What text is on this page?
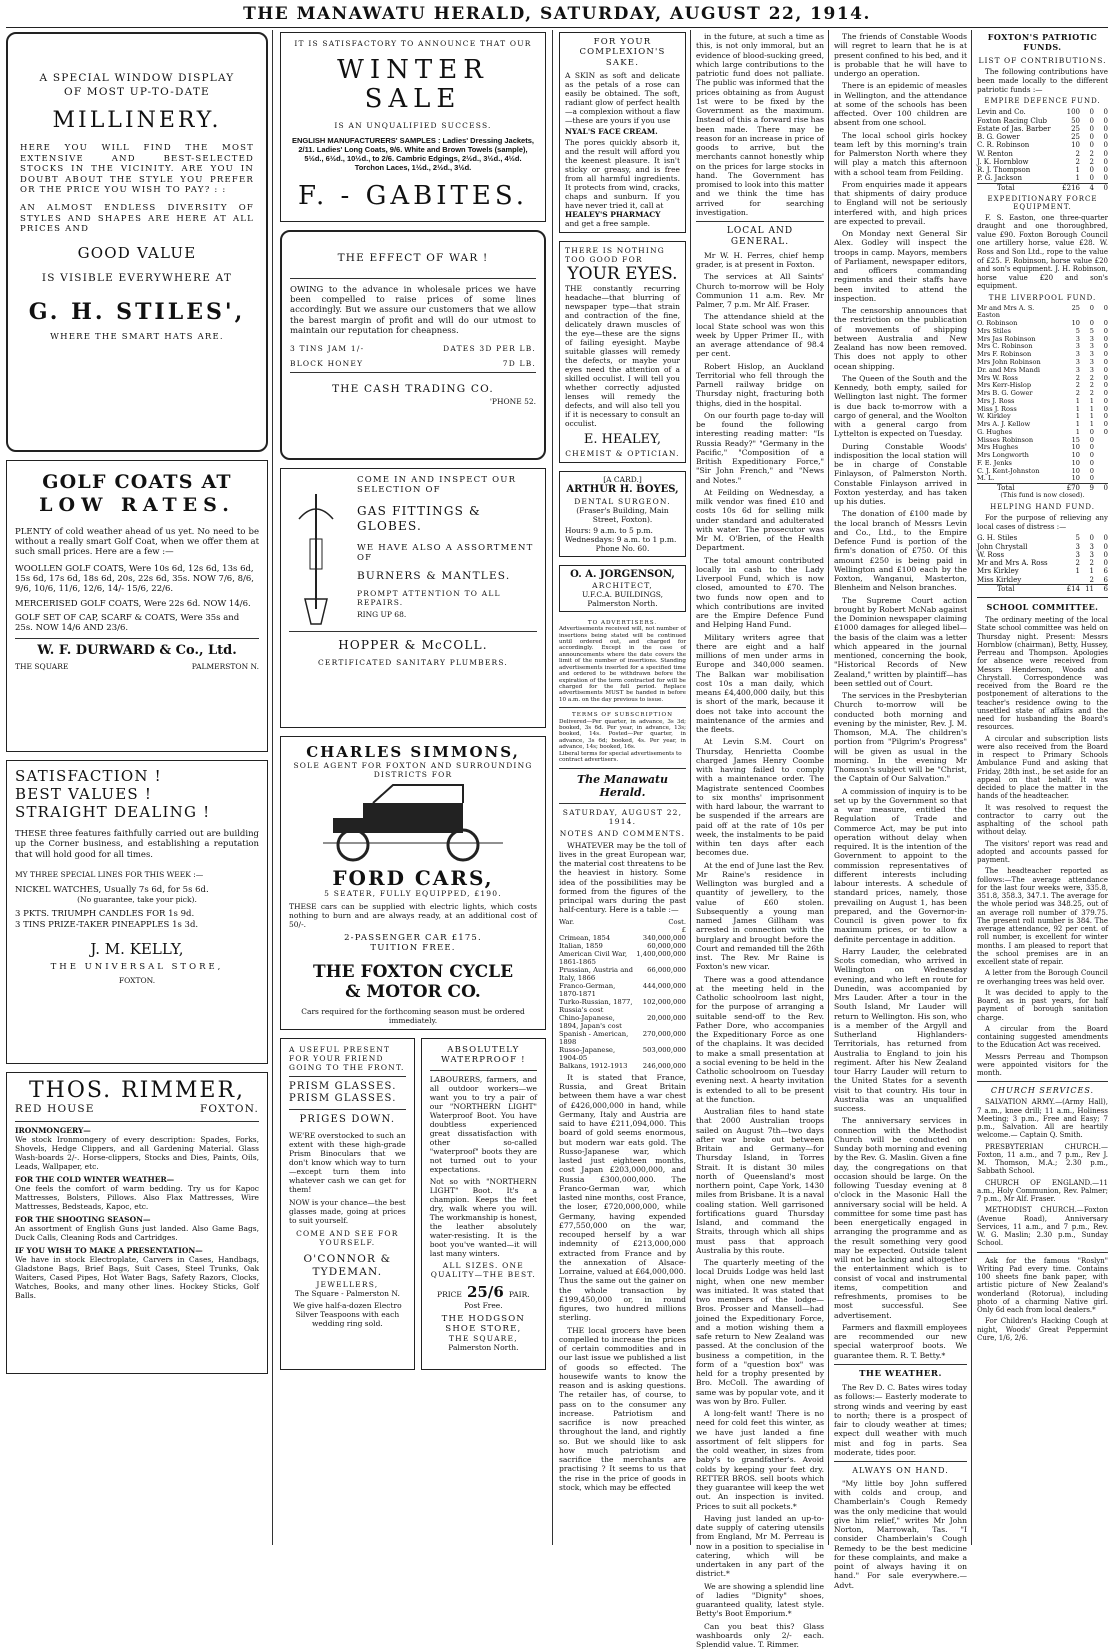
THE MANAWATU HERALD, SATURDAY, AUGUST 22, 1914.
A SPECIAL WINDOW DISPLAY
OF MOST UP-TO-DATE
MILLINERY.
HERE YOU WILL FIND THE MOST EXTENSIVE AND BEST-SELECTED STOCKS IN THE VICINITY. ARE YOU IN DOUBT ABOUT THE STYLE YOU PREFER OR THE PRICE YOU WISH TO PAY? : :
AN ALMOST ENDLESS DIVERSITY OF STYLES AND SHAPES ARE HERE AT ALL PRICES AND
GOOD VALUE
IS VISIBLE EVERYWHERE AT
G. H. STILES',
WHERE THE SMART HATS ARE.
GOLF COATS AT
LOW RATES.
PLENTY of cold weather ahead of us yet. No need to be without a really smart Golf Coat, when we offer them at such small prices. Here are a few :—
WOOLLEN GOLF COATS, Were 10s 6d, 12s 6d, 13s 6d, 15s 6d, 17s 6d, 18s 6d, 20s, 22s 6d, 35s. NOW 7/6, 8/6, 9/6, 10/6, 11/6, 12/6, 14/- 15/6, 22/6.
MERCERISED GOLF COATS, Were 22s 6d. NOW 14/6.
GOLF SET OF CAP, SCARF & COATS, Were 35s and 25s. NOW 14/6 AND 23/6.
W. F. DURWARD & Co., Ltd.
THE SQUARE	PALMERSTON N.
SATISFACTION !
BEST VALUES !
STRAIGHT DEALING !
THESE three features faithfully carried out are building up the Corner business, and establishing a reputation that will hold good for all times.
MY THREE SPECIAL LINES FOR THIS WEEK :—
NICKEL WATCHES, Usually 7s 6d, for 5s 6d.
(No guarantee, take your pick).
3 PKTS. TRIUMPH CANDLES FOR 1s 9d.
3 TINS PRIZE-TAKER PINEAPPLES 1s 3d.
J. M. KELLY,
THE UNIVERSAL STORE,
FOXTON.
THOS. RIMMER,
RED HOUSE	FOXTON.
IRONMONGERY—
We stock Ironmongery of every description: Spades, Forks, Shovels, Hedge Clippers, and all Gardening Material. Glass Wash-boards 2/-. Horse-clippers, Stocks and Dies, Paints, Oils, Leads, Wallpaper, etc.
FOR THE COLD WINTER WEATHER—
One feels the comfort of warm bedding. Try us for Kapoc Mattresses, Bolsters, Pillows. Also Flax Mattresses, Wire Mattresses, Bedsteads, Kapoc, etc.
FOR THE SHOOTING SEASON—
An assortment of English Guns just landed. Also Game Bags, Duck Calls, Cleaning Rods and Cartridges.
IF YOU WISH TO MAKE A PRESENTATION—
We have in stock Electroplate, Carvers in Cases, Handbags, Gladstone Bags, Brief Bags, Suit Cases, Steel Trunks, Oak Waiters, Cased Pipes, Hot Water Bags, Safety Razors, Clocks, Watches, Books, and many other lines. Hockey Sticks, Golf Balls.
IT IS SATISFACTORY TO ANNOUNCE THAT OUR
WINTER SALE
IS AN UNQUALIFIED SUCCESS.
ENGLISH MANUFACTURERS' SAMPLES : Ladies' Dressing Jackets, 2/11. Ladies' Long Coats, 9/6. White and Brown Towels (sample), 5½d., 6½d., 10½d., to 2/6. Cambric Edgings, 2½d., 3½d., 4½d. Torchon Laces, 1½d., 2½d., 3½d.
F. - GABITES.
THE EFFECT OF WAR !
OWING to the advance in wholesale prices we have been compelled to raise prices of some lines accordingly. But we assure our customers that we allow the barest margin of profit and will do our utmost to maintain our reputation for cheapness.
3 TINS JAM 1/-	DATES 3D PER LB.
BLOCK HONEY	7D LB.
THE CASH TRADING CO.
'PHONE 52.
COME IN AND INSPECT OUR SELECTION OF
GAS FITTINGS & GLOBES.
WE HAVE ALSO A ASSORTMENT OF
BURNERS & MANTLES.
PROMPT ATTENTION TO ALL REPAIRS.
RING UP 68.
HOPPER & McCOLL.
CERTIFICATED SANITARY PLUMBERS.
CHARLES SIMMONS,
SOLE AGENT FOR FOXTON AND SURROUNDING DISTRICTS FOR
FORD CARS,
5 SEATER, FULLY EQUIPPED, £190.
THESE cars can be supplied with electric lights, which costs nothing to burn and are always ready, at an additional cost of 50/-.
2-PASSENGER CAR £175.
TUITION FREE.
THE FOXTON CYCLE
& MOTOR CO.
Cars required for the forthcoming season must be ordered immediately.
A USEFUL PRESENT FOR YOUR FRIEND GOING TO THE FRONT.
PRISM GLASSES.
PRISM GLASSES.
PRIGES DOWN.
WE'RE overstocked to such an extent with these high-grade Prism Binoculars that we don't know which way to turn—except turn them into whatever cash we can get for them!
NOW is your chance—the best glasses made, going at prices to suit yourself.
COME AND SEE FOR YOURSELF.
O'CONNOR &
TYDEMAN.
JEWELLERS,
The Square - Palmerston N.
We give half-a-dozen Electro Silver Teaspoons with each wedding ring sold.
ABSOLUTELY
WATERPROOF !
LABOURERS, farmers, and all outdoor workers—we want you to try a pair of our "NORTHERN LIGHT" Waterproof Boot. You have doubtless experienced great dissatisfaction with other so-called "waterproof" boots they are not turned out to your expectations.
Not so with "NORTHERN LIGHT" Boot. It's a champion. Keeps the feet dry, walk where you will. The workmanship is honest, the leather absolutely water-resisting. It is the boot you've wanted—it will last many winters.
ALL SIZES. ONE QUALITY—THE BEST.
PRICE 25/6 PAIR.
Post Free.
THE HODGSON
SHOE STORE,
THE SQUARE,
Palmerston North.
FOR YOUR COMPLEXION'S SAKE.
A SKIN as soft and delicate as the petals of a rose can easily be obtained. The soft, radiant glow of perfect health—a complexion without a flaw—these are yours if you use
NYAL'S FACE CREAM.
The pores quickly absorb it, and the result will afford you the keenest pleasure. It isn't sticky or greasy, and is free from all harmful ingredients. It protects from wind, cracks, chaps and sunburn. If you have never tried it, call at
HEALEY'S PHARMACY
and get a free sample.
THERE IS NOTHING TOO GOOD FOR
YOUR EYES.
THE constantly recurring headache—that blurring of newspaper type—that strain and contraction of the fine, delicately drawn muscles of the eye—these are the signs of failing eyesight. Maybe suitable glasses will remedy the defects, or maybe your eyes need the attention of a skilled occulist. I will tell you whether correctly adjusted lenses will remedy the defects, and will also tell you if it is necessary to consult an occulist.
E. HEALEY,
CHEMIST & OPTICIAN.
[A CARD.]
ARTHUR H. BOYES,
DENTAL SURGEON.
(Fraser's Building, Main Street, Foxton).
Hours: 9 a.m. to 5 p.m. Wednesdays: 9 a.m. to 1 p.m.
Phone No. 60.
O. A. JORGENSON,
ARCHITECT,
U.F.C.A. BUILDINGS,
Palmerston North.
TO ADVERTISERS.
Advertisements received will, not number of insertions being stated will be continued until ordered out, and charged for accordingly. Except in the case of announcements where the date covers the limit of the number of insertions. Standing advertisements inserted for a specified time and ordered to be withdrawn before the expiration of the term contracted for will be charged for the full period. Replace advertisements MUST be handed in before 10 a.m. on the day previous to issue.
TERMS OF SUBSCRIPTION
Delivered—Per quarter, in advance, 3s 3d; booked, 3s 6d. Per year, in advance, 13s; booked, 14s. Posted—Per quarter, in advance, 3s 6d; booked, 4s. Per year, in advance, 14s; booked, 16s.
Liberal terms for special advertisements to contract advertisers.
The Manawatu Herald.
SATURDAY, AUGUST 22, 1914.
NOTES AND COMMENTS.

WHATEVER may be the toll of lives in the great European war, the material cost threatens to be the heaviest in history. Some idea of the possibilities may be formed from the figures of the principal wars during the past half-century. Here is a table :—

War.	Cost.
	£
Crimean, 1854	340,000,000
Italian, 1859	60,000,000
American Civil War, 1861-1865	1,400,000,000
Prussian, Austria and Italy, 1866	66,000,000
Franco-German, 1870-1871	444,000,000
Turko-Russian, 1877, Russia's cost	102,000,000
Chino-Japanese, 1894, Japan's cost	20,000,000
Spanish - American, 1898	270,000,000
Russo-Japanese, 1904-05	503,000,000
Balkans, 1912-1913	246,000,000

It is stated that France, Russia, and Great Britain between them have a war chest of £426,000,000 in hand, while Germany, Italy and Austria are said to have £211,094,000. This board of gold seems enormous, but modern war eats gold. The Russo-Japanese war, which lasted just eighteen months, cost Japan £203,000,000, and Russia £300,000,000. The Franco-German war, which lasted nine months, cost France, the loser, £720,000,000, while Germany, having expended £77,550,000 on the war, recouped herself by a war indemnity of £213,000,000 extracted from France and by the annexation of Alsace-Lorraine, valued at £64,000,000. Thus the same out the gainer on the whole transaction by £199,450,000 or, in round figures, two hundred millions sterling.

THE local grocers have been compelled to increase the prices of certain commodities and in our last issue we published a list of goods so effected. The housewife wants to know the reason and is asking questions. The retailer has, of course, to pass on to the consumer any increase. Patriotism and sacrifice is now preached throughout the land, and rightly so. But we should like to ask how much patriotism and sacrifice the merchants are practising ? It seems to us that the rise in the price of goods in stock, which may be effected

in the future, at such a time as this, is not only immoral, but an evidence of blood-sucking greed, which large contributions to the patriotic fund does not palliate. The public was informed that the prices obtaining as from August 1st were to be fixed by the Government as the maximum. Instead of this a forward rise has been made. There may be reason for an increase in price of goods to arrive, but the merchants cannot honestly whip on the prices for large stocks in hand. The Government has promised to look into this matter and we think the time has arrived for searching investigation.

LOCAL AND GENERAL.

Mr W. H. Ferres, chief hemp grader, is at present in Foxton.

The services at All Saints' Church to-morrow will be Holy Communion 11 a.m. Rev. Mr Palmer, 7 p.m. Mr Alf. Fraser.

The attendance shield at the local State school was won this week by Upper Primer II., with an average attendance of 98.4 per cent.

Robert Hislop, an Auckland Territorial who fell through the Parnell railway bridge on Thursday night, fracturing both thighs, died in the hospital.

On our fourth page to-day will be found the following interesting reading matter: "Is Russia Ready?" "Germany in the Pacific," "Composition of a British Expeditionary Force," "Sir John French," and "News and Notes."

At Feilding on Wednesday, a milk vendor was fined £10 and costs 10s 6d for selling milk under standard and adulterated with water. The prosecutor was Mr M. O'Brien, of the Health Department.

The total amount contributed locally in cash to the Lady Liverpool Fund, which is now closed, amounted to £70. The two funds now open and to which contributions are invited are the Empire Defence Fund and Helping Hand Fund.

Military writers agree that there are eight and a half millions of men under arms in Europe and 340,000 seamen. The Balkan war mobilisation cost 10s a man daily, which means £4,400,000 daily, but this is short of the mark, because it does not take into account the maintenance of the armies and the fleets.

At Levin S.M. Court on Thursday, Henrietta Coombe charged James Henry Coombe with having failed to comply with a maintenance order. The Magistrate sentenced Coombes to six months' imprisonment with hard labour, the warrant to be suspended if the arrears are paid off at the rate of 10s per week, the instalments to be paid within ten days after each becomes due.

At the end of June last the Rev. Mr Raine's residence in Wellington was burgled and a quantity of jewellery, to the value of £60 stolen. Subsequently a young man named James Gillham was arrested in connection with the burglary and brought before the Court and remanded till the 26th inst. The Rev. Mr Raine is Foxton's new vicar.

There was a good attendance at the meeting held in the Catholic schoolroom last night, for the purpose of arranging a suitable send-off to the Rev. Father Dore, who accompanies the Expeditionary Force as one of the chaplains. It was decided to make a small presentation at a social evening to be held in the Catholic schoolroom on Tuesday evening next. A hearty invitation is extended to all to be present at the function.

Australian files to hand state that 2000 Australian troops sailed on August 7th—two days after war broke out between Britain and Germany—for Thursday Island, in Torres Strait. It is distant 30 miles north of Queensland's most northern point, Cape York, 1430 miles from Brisbane. It is a naval coaling station. Well garrisoned fortifications guard Thursday Island, and command the Straits, through which all ships must pass that approach Australia by this route.

The quarterly meeting of the local Druids Lodge was held last night, when one new member was initiated. It was stated that two members of the lodge—Bros. Prosser and Mansell—had joined the Expeditionary Force, and a motion wishing them a safe return to New Zealand was passed. At the conclusion of the business a competition, in the form of a "question box" was held for a trophy presented by Bro. McColl. The awarding of same was by popular vote, and it was won by Bro. Fuller.

A long-felt want! There is no need for cold feet this winter, as we have just landed a fine assortment of felt slippers for the cold weather, in sizes from baby's to grandfather's. Avoid colds by keeping your feet dry. RETTER BROS. sell boots which they guarantee will keep the wet out. An inspection is invited. Prices to suit all pockets.*

Having just landed an up-to-date supply of catering utensils from England, Mr M. Perreau is now in a position to specialise in catering, which will be undertaken in any part of the district.*

We are showing a splendid line of ladies "Dignity" shoes, guaranteed quality, latest style. Betty's Boot Emporium.*

Can you beat this? Glass washboards only 2/- each. Splendid value. T. Rimmer.

The friends of Constable Woods will regret to learn that he is at present confined to his bed, and it is probable that he will have to undergo an operation.

There is an epidemic of measles in Wellington, and the attendance at some of the schools has been affected. Over 100 children are absent from one school.

The local school girls hockey team left by this morning's train for Palmerston North where they will play a match this afternoon with a school team from Feilding.

From enquiries made it appears that shipments of dairy produce to England will not be seriously interfered with, and high prices are expected to prevail.

On Monday next General Sir Alex. Godley will inspect the troops in camp. Mayors, members of Parliament, newspaper editors, and officers commanding regiments and their staffs have been invited to attend the inspection.

The censorship announces that the restriction on the publication of movements of shipping between Australia and New Zealand has now been removed. This does not apply to other ocean shipping.

The Queen of the South and the Kennedy, both empty, sailed for Wellington last night. The former is due back to-morrow with a cargo of general, and the Woolton with a general cargo from Lyttelton is expected on Tuesday.

During Constable Woods' indisposition the local station will be in charge of Constable Finlayson, of Palmerston North. Constable Finlayson arrived in Foxton yesterday, and has taken up his duties.

The donation of £100 made by the local branch of Messrs Levin and Co., Ltd., to the Empire Defence Fund is portion of the firm's donation of £750. Of this amount £250 is being paid in Wellington and £100 each by the Foxton, Wanganui, Masterton, Blenheim and Nelson branches.

The Supreme Court action brought by Robert McNab against the Dominion newspaper claiming £1000 damages for alleged libel—the basis of the claim was a letter which appeared in the journal mentioned, concerning the book, "Historical Records of New Zealand," written by plaintiff—has been settled out of Court.

The services in the Presbyterian Church to-morrow will be conducted both morning and evening by the minister, Rev. J. M. Thomson, M.A. The children's portion from "Pilgrim's Progress" will be given as usual in the morning. In the evening Mr Thomson's subject will be "Christ, the Captain of Our Salvation."

A commission of inquiry is to be set up by the Government so that a war measure, entitled the Regulation of Trade and Commerce Act, may be put into operation without delay when required. It is the intention of the Government to appoint to the commission representatives of different interests including labour interests. A schedule of standard prices, namely, those prevailing on August 1, has been prepared, and the Governor-in-Council is given power to fix maximum prices, or to allow a definite percentage in addition.

Harry Lauder, the celebrated Scots comedian, who arrived in Wellington on Wednesday evening, and who left en route for Dunedin, was accompanied by Mrs Lauder. After a tour in the South Island, Mr Lauder will return to Wellington. His son, who is a member of the Argyll and Sutherland Highlanders-Territorials, has returned from Australia to England to join his regiment. After his New Zealand tour Harry Lauder will return to the United States for a seventh visit to that country. His tour in Australia was an unqualified success.

The anniversary services in connection with the Methodist Church will be conducted on Sunday both morning and evening by the Rev. G. Maslin. Given a fine day, the congregations on that occasion should be large. On the following Tuesday evening at 8 o'clock in the Masonic Hall the anniversary social will be held. A committee for some time past has been energetically engaged in arranging the programme and as the result something very good may be expected. Outside talent will not be lacking and altogether the entertainment which is to consist of vocal and instrumental items, competition and refreshments, promises to be most successful. See advertisement.

Farmers and flaxmill employees are recommended our new special waterproof boots. We guarantee them. R. T. Betty.*

THE WEATHER.

The Rev D. C. Bates wires today as follows:— Easterly moderate to strong winds and veering by east to north; there is a prospect of fair to cloudy weather at times; expect dull weather with much mist and fog in parts. Sea moderate, tides poor.

ALWAYS ON HAND.

"My little boy John suffered with colds and croup, and Chamberlain's Cough Remedy was the only medicine that would give him relief," writes Mr John Norton, Marrowah, Tas. "I consider Chamberlain's Cough Remedy to be the best medicine for these complaints, and make a point of always having it on hand." For sale everywhere.—Advt.

FOXTON'S PATRIOTIC FUNDS.
LIST OF CONTRIBUTIONS.

The following contributions have been made locally to the different patriotic funds :—

EMPIRE DEFENCE FUND.
Levin and Co.	100	0	0
Foxton Racing Club	50	0	0
Estate of Jas. Barber	25	0	0
B. G. Gower	25	0	0
C. R. Robinson	10	0	0
W. Renton	2	2	0
J. K. Hornblow	2	2	0
R. J. Thompson	1	0	0
P. G. Jackson	1	0	0
Total	£216	4	0
EXPEDITIONARY FORCE EQUIPMENT.

F. S. Easton, one three-quarter draught and one thoroughbred, value £90. Foxton Borough Council one artillery horse, value £28. W. Ross and Son Ltd., rope to the value of £25. F. Robinson, horse value £20 and son's equipment. J. H. Robinson, horse value £20 and son's equipment.

THE LIVERPOOL FUND.
Mr and Mrs A. S. Easton	25	0	0
O. Robinson	10	0	0
Mrs Stiles	5	5	0
Mrs Jas Robinson	3	3	0
Mrs C. Robinson	3	3	0
Mrs F. Robinson	3	3	0
Mrs John Robinson	3	3	0
Dr. and Mrs Mandi	3	3	0
Mrs W. Ross	2	2	0
Mrs Kerr-Hislop	2	2	0
Mrs B. G. Gower	2	2	0
Mrs J. Ross	1	1	0
Miss J. Ross	1	1	0
W. Kirkley	1	1	0
Mrs A. J. Kellow	1	1	0
G. Hughes	1	0	0
Misses Robinson	15	0	
Mrs Hughes	10	0	
Mrs Longworth	10	0	
F. E. Jenks	10	0	
C. J. Kent-Johnston	10	0	
M. L.	10	0	
Total	£70	9	0
(This fund is now closed).
HELPING HAND FUND.

For the purpose of relieving any local cases of distress :—

G. H. Stiles	5	0	0
John Chrystall	3	3	0
W. Ross	3	3	0
Mr and Mrs A. Ross	2	2	0
Mrs Kirkley	1	1	6
Miss Kirkley		2	6
Total	£14	11	6
SCHOOL COMMITTEE.

The ordinary meeting of the local State school committee was held on Thursday night. Present: Messrs Hornblow (chairman), Betty, Hussey, Perreau and Thompson. Apologies for absence were received from Messrs Henderson, Woods and Chrystall. Correspondence was received from the Board re the postponement of alterations to the teacher's residence owing to the unsettled state of affairs and the need for husbanding the Board's resources.

A circular and subscription lists were also received from the Board in respect to Primary Schools Ambulance Fund and asking that Friday, 28th inst., be set aside for an appeal on that behalf. It was decided to place the matter in the hands of the headteacher.

It was resolved to request the contractor to carry out the asphalting of the school path without delay.

The visitors' report was read and adopted and accounts passed for payment.

The headteacher reported as follows:—The average attendance for the last four weeks were, 335.8, 351.8, 358.3, 347.1. The average for the whole period was 348.25, out of an average roll number of 379.75. The present roll number is 384. The average attendance, 92 per cent. of roll number, is excellent for winter months. I am pleased to report that the school premises are in an excellent state of repair.

A letter from the Borough Council re overhanging trees was held over.

It was decided to apply to the Board, as in past years, for half payment of borough sanitation charge.

A circular from the Board containing suggested amendments to the Education Act was received.

Messrs Perreau and Thompson were appointed visitors for the month.

CHURCH SERVICES.

SALVATION ARMY.—(Army Hall), 7 a.m., knee drill; 11 a.m., Holiness Meeting; 3 p.m., Free and Easy; 7 p.m., Salvation. All are heartily welcome.— Captain Q. Smith.

PRESBYTERIAN CHURCH.—Foxton, 11 a.m., and 7 p.m., Rev J. M. Thomson, M.A.; 2.30 p.m., Sabbath School.

CHURCH OF ENGLAND.—11 a.m., Holy Communion, Rev. Palmer; 7 p.m., Mr Alf. Fraser.

METHODIST CHURCH.—Foxton (Avenue Road), Anniversary Services, 11 a.m., and 7 p.m., Rev. W. G. Maslin; 2.30 p.m., Sunday School.

Ask for the famous "Roslyn" Writing Pad every time. Contains 100 sheets fine bank paper, with artistic picture of New Zealand's wonderland (Rotorua), including photo of a charming Native girl. Only 6d each from local dealers.*

For Children's Hacking Cough at night, Woods' Great Peppermint Cure, 1/6, 2/6.
